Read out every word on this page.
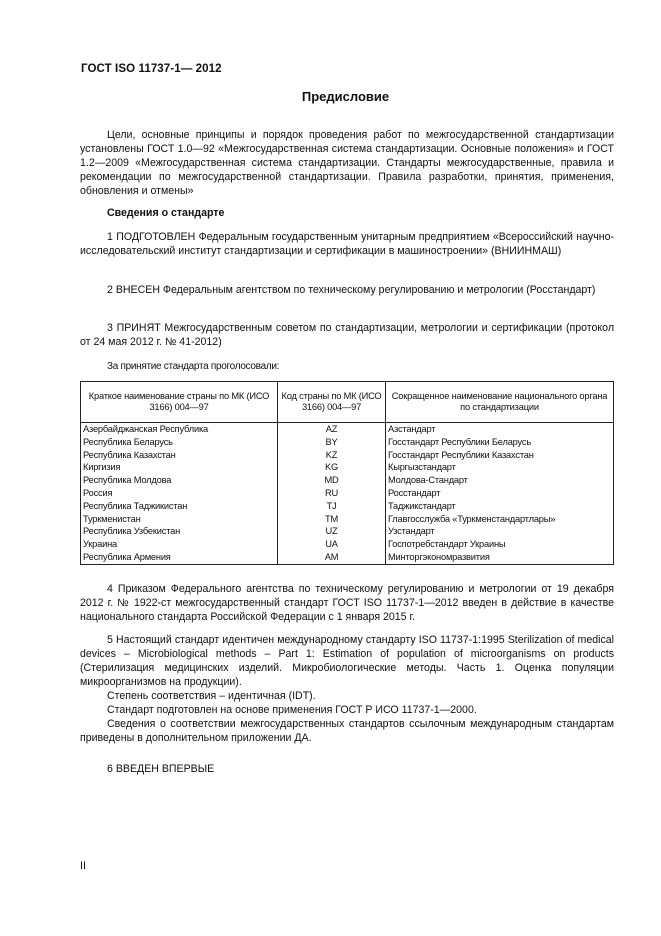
ГОСТ ISO 11737-1— 2012
Предисловие
Цели, основные принципы и порядок проведения работ по межгосударственной стандартизации установлены ГОСТ 1.0—92 «Межгосударственная система стандартизации. Основные положения» и ГОСТ 1.2—2009 «Межгосударственная система стандартизации. Стандарты межгосударственные, правила и рекомендации по межгосударственной стандартизации. Правила разработки, принятия, применения, обновления и отмены»
Сведения о стандарте
1 ПОДГОТОВЛЕН Федеральным государственным унитарным предприятием «Всероссийский научно-исследовательский институт стандартизации и сертификации в машиностроении» (ВНИИНМАШ)
2 ВНЕСЕН Федеральным агентством по техническому регулированию и метрологии (Росстандарт)
3 ПРИНЯТ Межгосударственным советом по стандартизации, метрологии и сертификации (протокол от 24 мая 2012 г. № 41-2012)
За принятие стандарта проголосовали:
Краткое наименование страны по МК (ИСО 3166) 004—97	Код страны по МК (ИСО 3166) 004—97	Сокращенное наименование национального органа по стандартизации
Азербайджанская Республика	AZ	Азстандарт
Республика Беларусь	BY	Госстандарт Республики Беларусь
Республика Казахстан	KZ	Госстандарт Республики Казахстан
Киргизия	KG	Кыргызстандарт
Республика Молдова	MD	Молдова-Стандарт
Россия	RU	Росстандарт
Республика Таджикистан	TJ	Таджикстандарт
Туркменистан	TM	Главгосслужба «Туркменстандартлары»
Республика Узбекистан	UZ	Узстандарт
Украина	UA	Госпотребстандарт Украины
Республика Армения	AM	Минторгэкономразвития
4 Приказом Федерального агентства по техническому регулированию и метрологии от 19 декабря 2012 г. № 1922-ст межгосударственный стандарт ГОСТ ISO 11737-1—2012 введен в действие в качестве национального стандарта Российской Федерации с 1 января 2015 г.
5 Настоящий стандарт идентичен международному стандарту ISO 11737-1:1995 Sterilization of medical devices – Microbiological methods – Part 1: Estimation of population of microorganisms on products (Стерилизация медицинских изделий. Микробиологические методы. Часть 1. Оценка популяции микроорганизмов на продукции).
Степень соответствия – идентичная (IDT).
Стандарт подготовлен на основе применения ГОСТ Р ИСО 11737-1—2000.
Сведения о соответствии межгосударственных стандартов ссылочным международным стандартам приведены в дополнительном приложении ДА.
6 ВВЕДЕН ВПЕРВЫЕ
II
